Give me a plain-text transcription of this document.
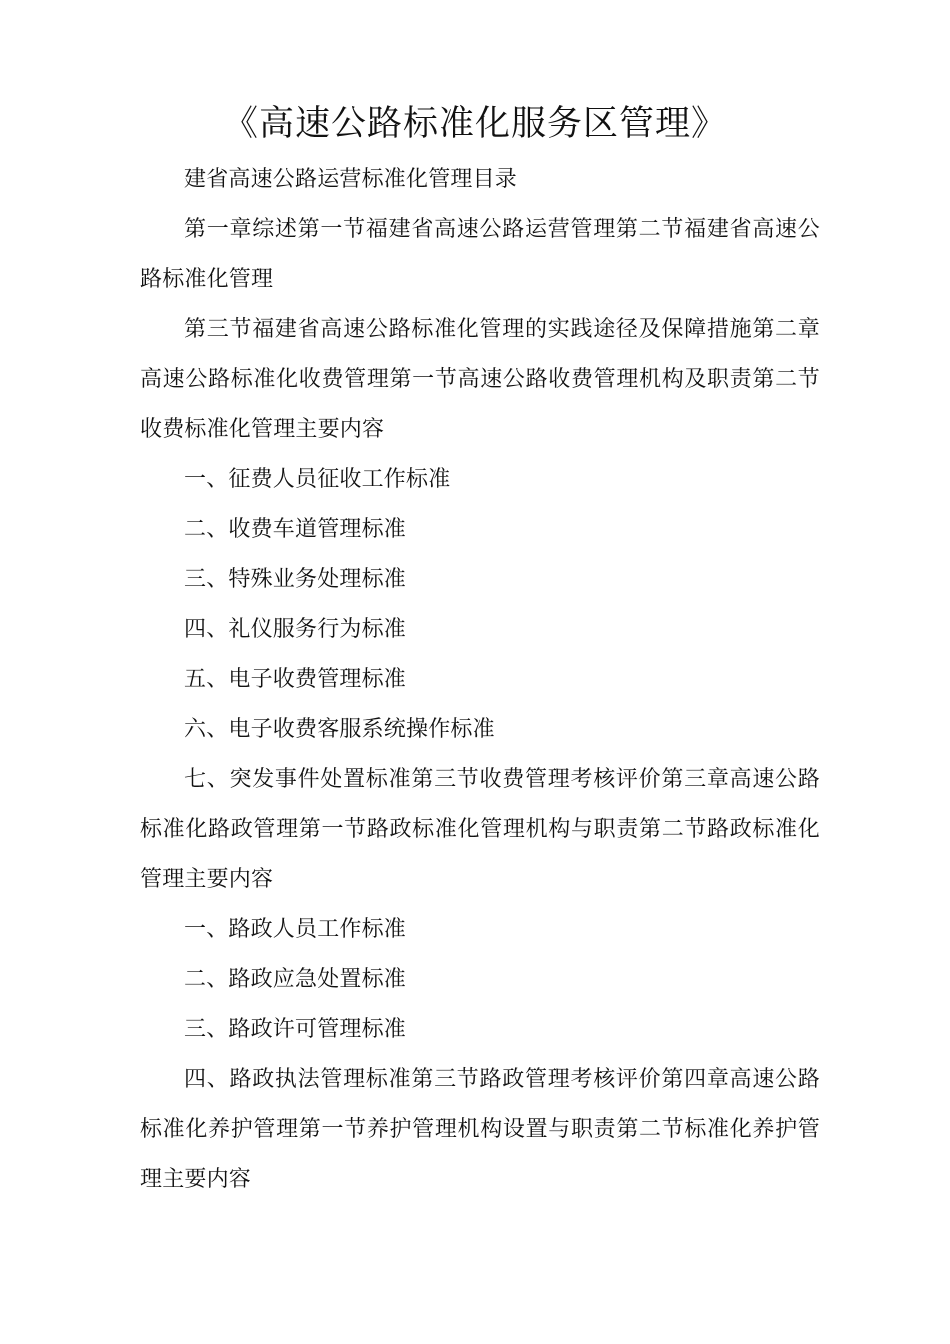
《高速公路标准化服务区管理》

建省高速公路运营标准化管理目录

第一章综述第一节福建省高速公路运营管理第二节福建省高速公路标准化管理

第三节福建省高速公路标准化管理的实践途径及保障措施第二章高速公路标准化收费管理第一节高速公路收费管理机构及职责第二节收费标准化管理主要内容

一、征费人员征收工作标准

二、收费车道管理标准

三、特殊业务处理标准

四、礼仪服务行为标准

五、电子收费管理标准

六、电子收费客服系统操作标准

七、突发事件处置标准第三节收费管理考核评价第三章高速公路标准化路政管理第一节路政标准化管理机构与职责第二节路政标准化管理主要内容

一、路政人员工作标准

二、路政应急处置标准

三、路政许可管理标准

四、路政执法管理标准第三节路政管理考核评价第四章高速公路标准化养护管理第一节养护管理机构设置与职责第二节标准化养护管理主要内容
